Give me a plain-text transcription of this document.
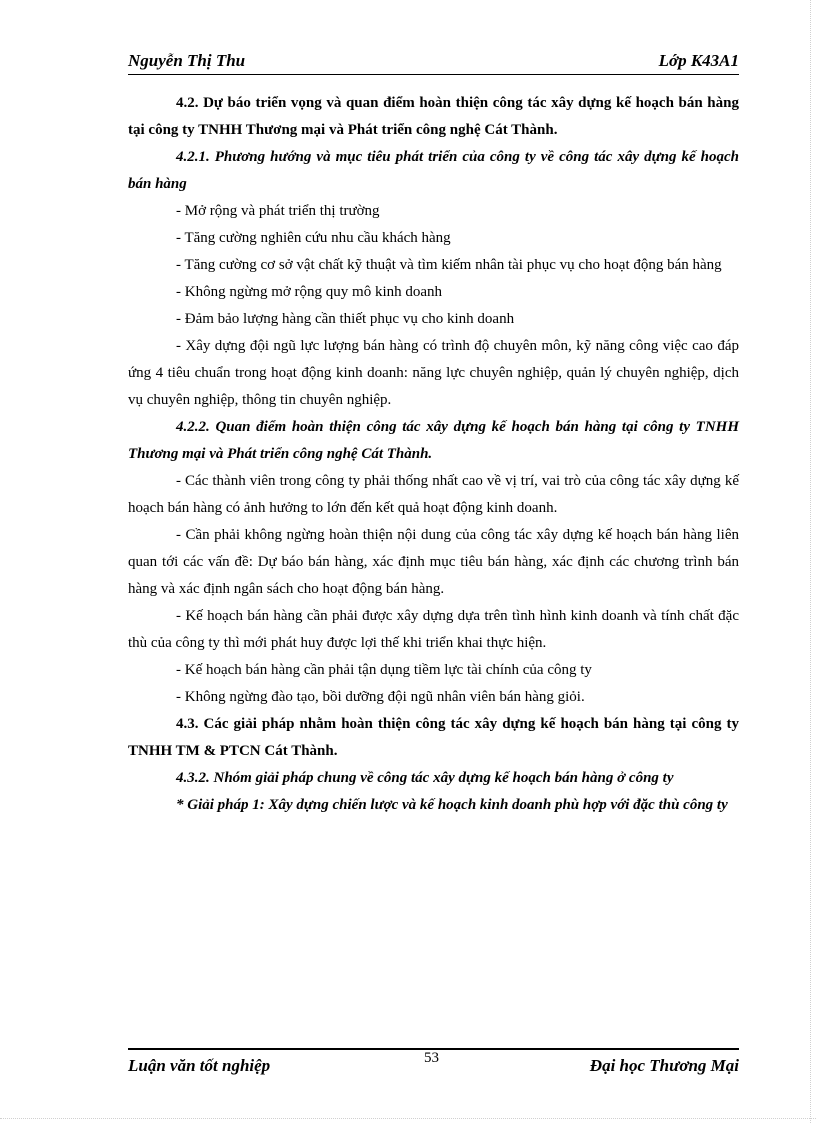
Nguyễn Thị Thu	Lớp K43A1

4.2. Dự báo triển vọng và quan điểm hoàn thiện công tác xây dựng kế hoạch bán hàng tại công ty TNHH Thương mại và Phát triển công nghệ Cát Thành.

4.2.1. Phương hướng và mục tiêu phát triển của công ty về công tác xây dựng kế hoạch bán hàng

- Mở rộng và phát triển thị trường

- Tăng cường nghiên cứu nhu cầu khách hàng

- Tăng cường cơ sở vật chất kỹ thuật và tìm kiếm nhân tài phục vụ cho hoạt động bán hàng

- Không ngừng mở rộng quy mô kinh doanh

- Đảm bảo lượng hàng cần thiết phục vụ cho kinh doanh

- Xây dựng đội ngũ lực lượng bán hàng có trình độ chuyên môn, kỹ năng công việc cao đáp ứng 4 tiêu chuẩn trong hoạt động kinh doanh: năng lực chuyên nghiệp, quản lý chuyên nghiệp, dịch vụ chuyên nghiệp, thông tin chuyên nghiệp.

4.2.2. Quan điểm hoàn thiện công tác xây dựng kế hoạch bán hàng tại công ty TNHH Thương mại và Phát triển công nghệ Cát Thành.

- Các thành viên trong công ty phải thống nhất cao về vị trí, vai trò của công tác xây dựng kế hoạch bán hàng có ảnh hưởng to lớn đến kết quả hoạt động kinh doanh.

- Cần phải không ngừng hoàn thiện nội dung của công tác xây dựng kế hoạch bán hàng liên quan tới các vấn đề: Dự báo bán hàng, xác định mục tiêu bán hàng, xác định các chương trình bán hàng và xác định ngân sách cho hoạt động bán hàng.

- Kế hoạch bán hàng cần phải được xây dựng dựa trên tình hình kinh doanh và tính chất đặc thù của công ty thì mới phát huy được lợi thế khi triển khai thực hiện.

- Kế hoạch bán hàng cần phải tận dụng tiềm lực tài chính của công ty

- Không ngừng đào tạo, bồi dưỡng đội ngũ nhân viên bán hàng giỏi.

4.3. Các giải pháp nhằm hoàn thiện công tác xây dựng kế hoạch bán hàng tại công ty TNHH TM & PTCN Cát Thành.

4.3.2. Nhóm giải pháp chung về công tác xây dựng kế hoạch bán hàng ở công ty

* Giải pháp 1: Xây dựng chiến lược và kế hoạch kinh doanh phù hợp với đặc thù công ty

Luận văn tốt nghiệp	53	Đại học Thương Mại
